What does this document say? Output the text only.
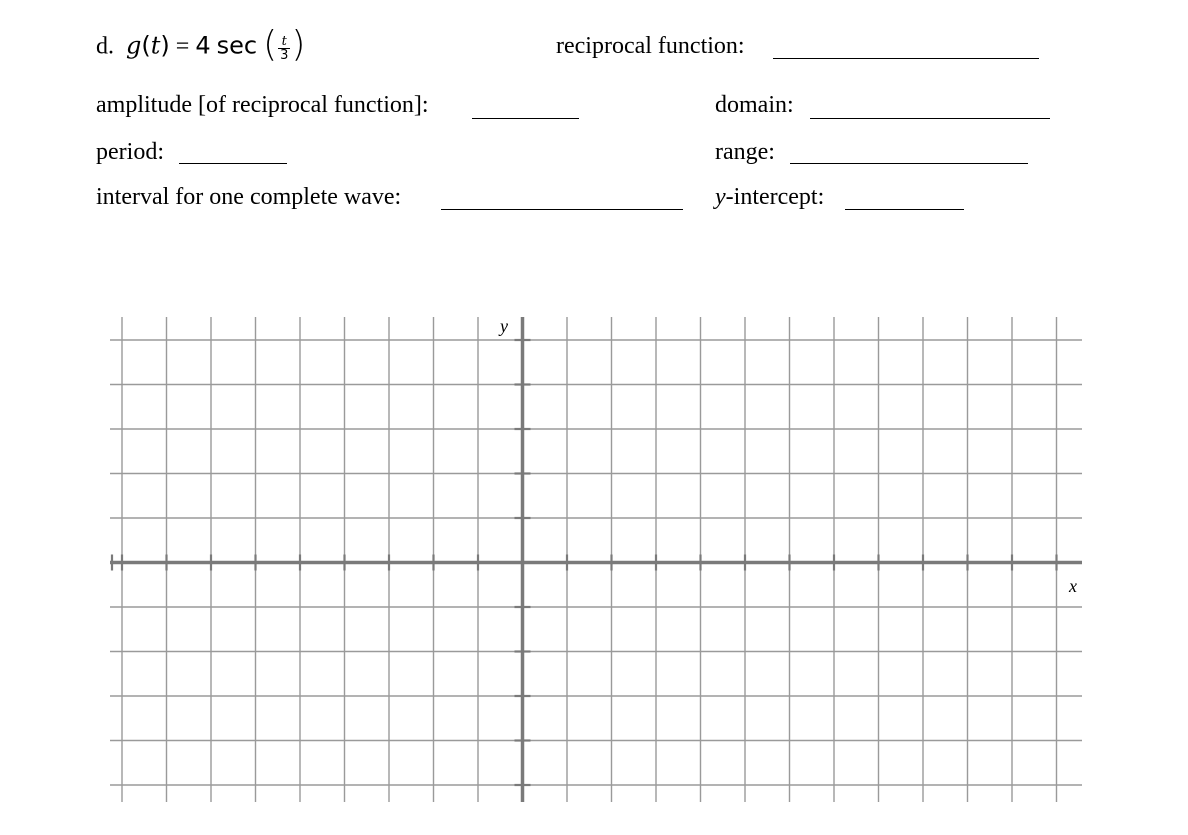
d. g(t) = 4 sec ( $\frac{t}{3}$ )	reciprocal function:
amplitude [of reciprocal function]:	domain:
period:	range:
interval for one complete wave:	y-intercept:
y
x
